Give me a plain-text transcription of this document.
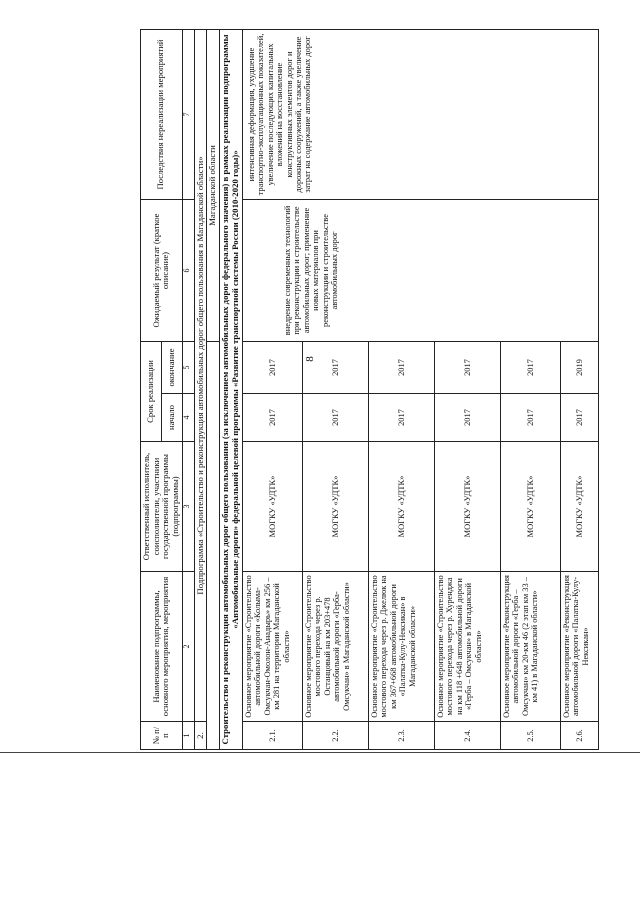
8
№ п/п	Наименование подпрограммы, основного мероприятия, мероприятия	Ответственный исполнитель, соисполнители, участники государственной программы (подпрограммы)	Срок реализации		Ожидаемый результат (краткое описание)	Последствия нереализации мероприятий
			начало	окончание		
1	2	3	4	5	6	7
2.	Подпрограмма «Строительство и реконструкция автомобильных дорог общего пользования в Магаданской области»					
					Магаданской области	
Строительство и реконструкция автомобильных дорог общего пользования (за исключением автомобильных дорог федерального значения) в рамках реализации подпрограммы «Автомобильные дороги» федеральной целевой программы «Развитие транспортной системы России (2010-2020 годы)»						
2.1.	Основное мероприятие «Строительство автомобильной дороги «Колыма-Омсукчан-Омолон-Анадырь» км 256 – км 281 на территории Магаданской области»	МОГКУ «УДТК»	2017	2017	внедрение современных технологий при реконструкции и строительстве автомобильных дорог; применение новых материалов при реконструкции и строительстве автомобильных дорог	интенсивная деформация, ухудшение транспортно-эксплуатационных показателей, увеличение последующих капитальных вложений на восстановление конструктивных элементов дорог и дорожных сооружений, а также увеличение затрат на содержание автомобильных дорог
2.2.	Основное мероприятие «Строительство мостового перехода через р. Останцовый на км 203+478 автомобильной дороги «Герба-Омсукчан» в Магаданской области»	МОГКУ «УДТК»	2017	2017		
2.3.	Основное мероприятие «Строительство мостового перехода через р. Джелюк на км 367+668 автомобильной дороги «Палатка-Кулу-Нексикан» в Магаданской области»	МОГКУ «УДТК»	2017	2017		
2.4.	Основное мероприятие «Строительство мостового перехода через р. Хуренджа на км 118 +648 автомобильной дороги «Герба – Омсукчан» в Магаданской области»	МОГКУ «УДТК»	2017	2017		
2.5.	Основное мероприятие «Реконструкция автомобильной дороги «Герба – Омсукчан» км 20-км 46 (2 этап км 33 – км 41) в Магаданской области»	МОГКУ «УДТК»	2017	2017		
2.6.	Основное мероприятие «Реконструкция автомобильной дороги «Палатка-Кулу-Нексикан»	МОГКУ «УДТК»	2017	2019		
